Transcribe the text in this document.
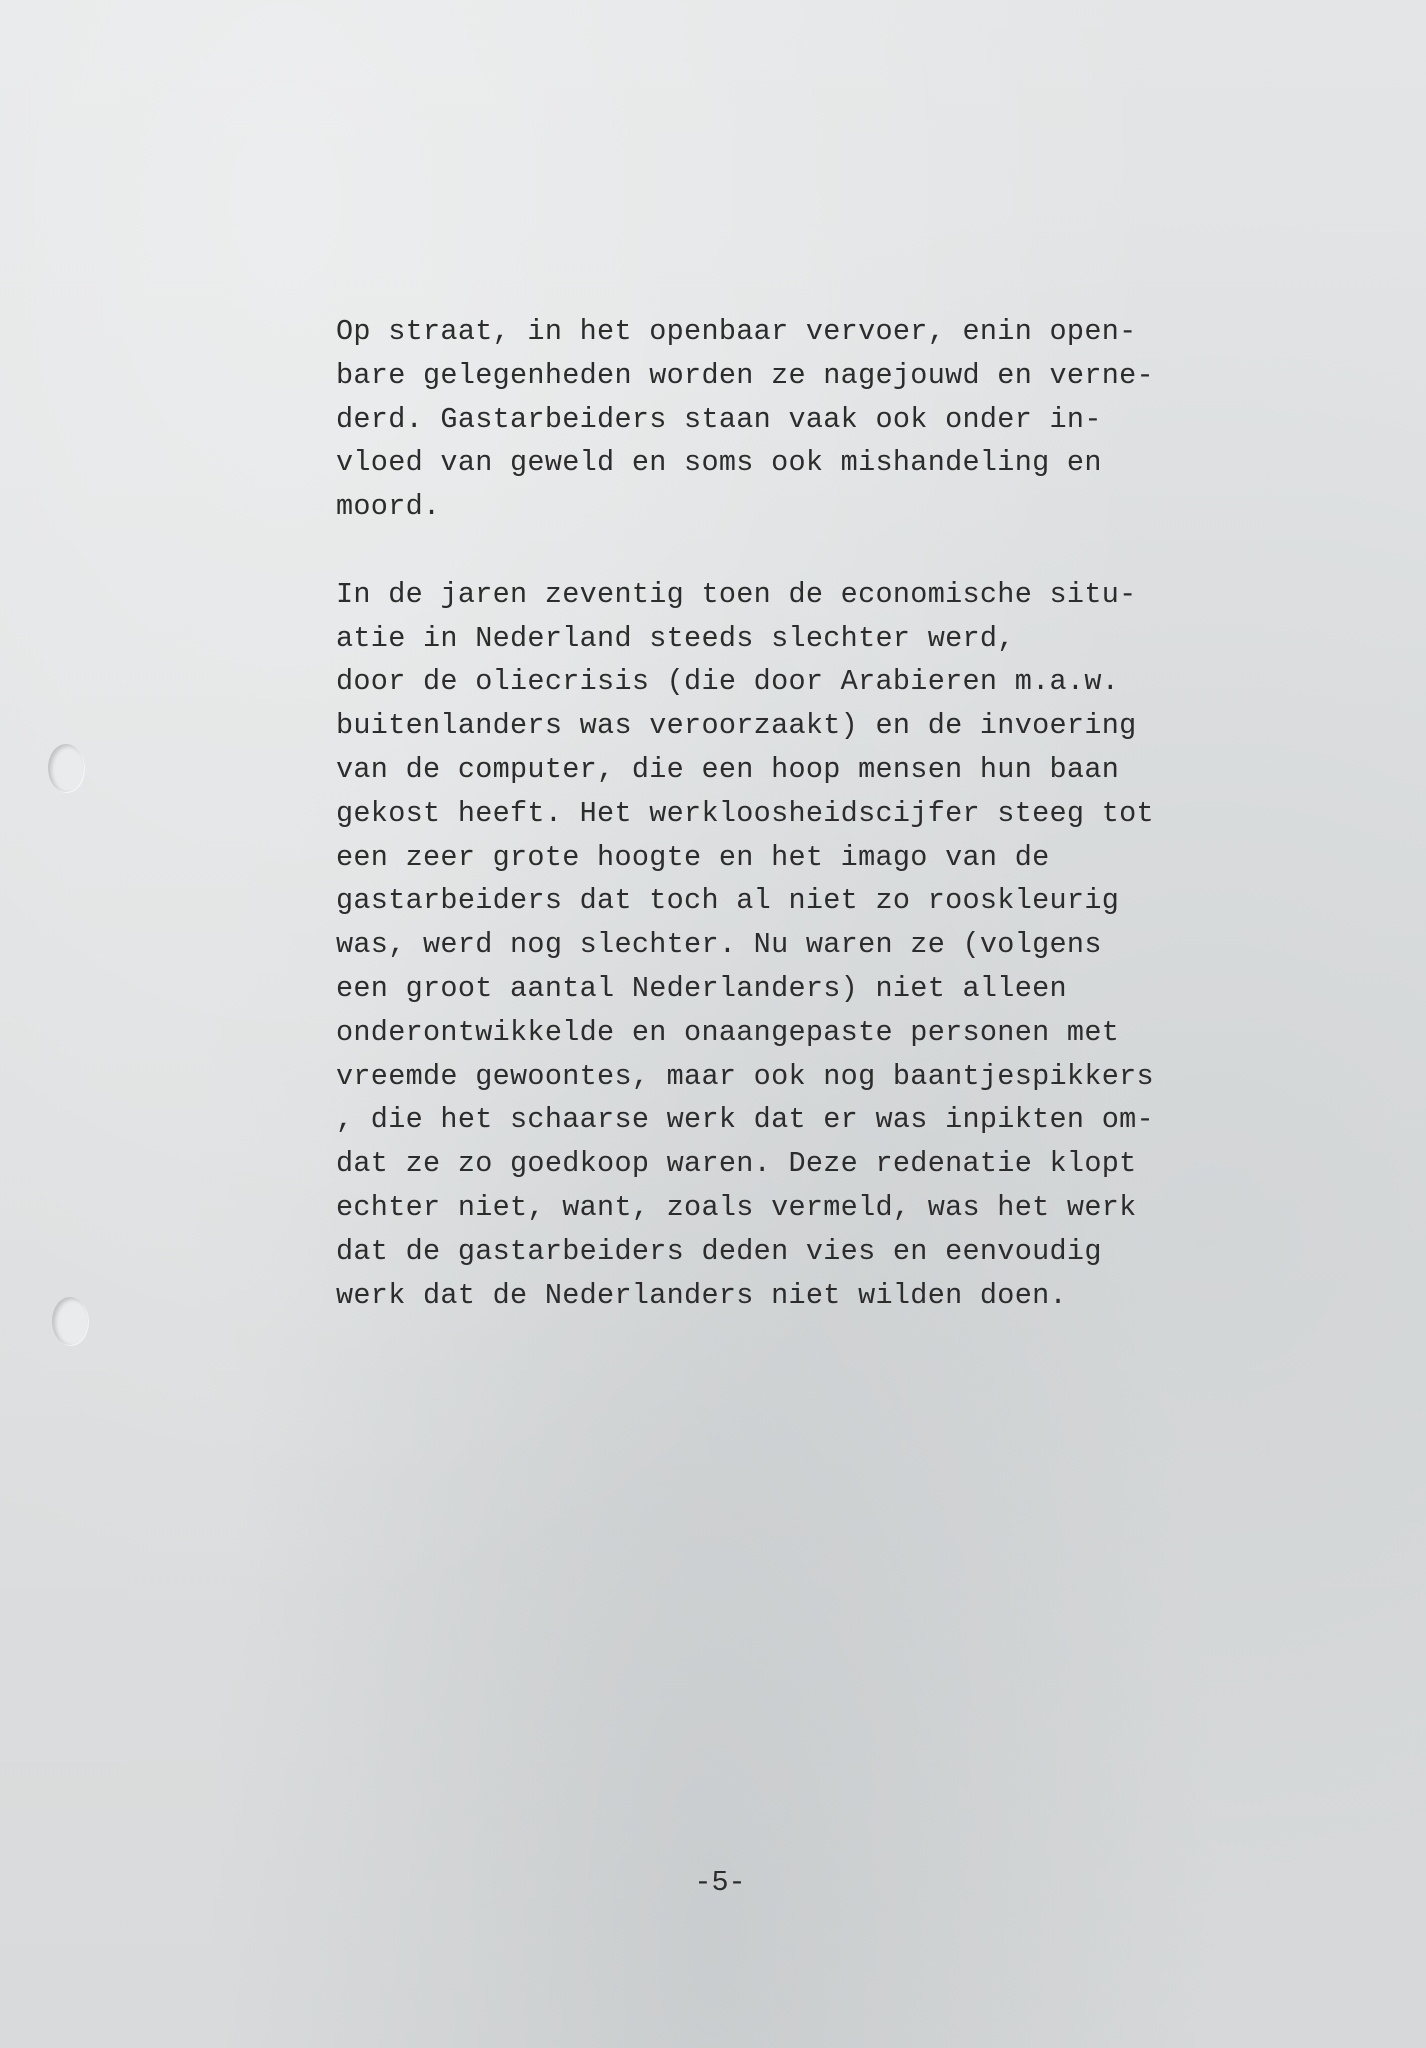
Op straat, in het openbaar vervoer, enin open-
bare gelegenheden worden ze nagejouwd en verne-
derd. Gastarbeiders staan vaak ook onder in-
vloed van geweld en soms ook mishandeling en
moord.

In de jaren zeventig toen de economische situ-
atie in Nederland steeds slechter werd,
door de oliecrisis (die door Arabieren m.a.w.
buitenlanders was veroorzaakt) en de invoering
van de computer, die een hoop mensen hun baan
gekost heeft. Het werkloosheidscijfer steeg tot
een zeer grote hoogte en het imago van de
gastarbeiders dat toch al niet zo rooskleurig
was, werd nog slechter. Nu waren ze (volgens
een groot aantal Nederlanders) niet alleen
onderontwikkelde en onaangepaste personen met
vreemde gewoontes, maar ook nog baantjespikkers
, die het schaarse werk dat er was inpikten om-
dat ze zo goedkoop waren. Deze redenatie klopt
echter niet, want, zoals vermeld, was het werk
dat de gastarbeiders deden vies en eenvoudig
werk dat de Nederlanders niet wilden doen.

-5-
